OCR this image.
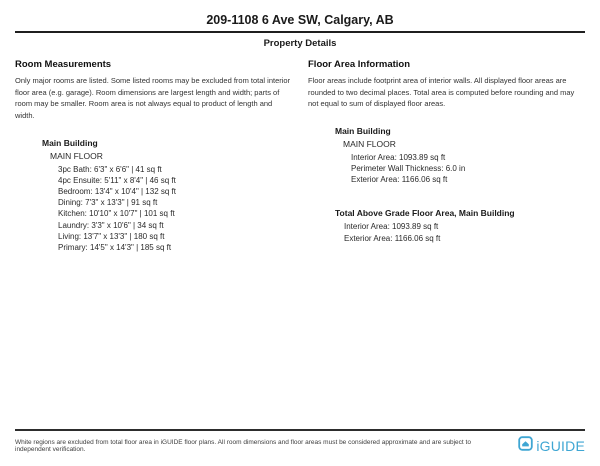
209-1108 6 Ave SW, Calgary, AB
Property Details
Room Measurements
Only major rooms are listed. Some listed rooms may be excluded from total interior floor area (e.g. garage). Room dimensions are largest length and width; parts of room may be smaller. Room area is not always equal to product of length and width.
Main Building
MAIN FLOOR
3pc Bath: 6'3" x 6'6" | 41 sq ft
4pc Ensuite: 5'11" x 8'4" | 46 sq ft
Bedroom: 13'4" x 10'4" | 132 sq ft
Dining: 7'3" x 13'3" | 91 sq ft
Kitchen: 10'10" x 10'7" | 101 sq ft
Laundry: 3'3" x 10'6" | 34 sq ft
Living: 13'7" x 13'3" | 180 sq ft
Primary: 14'5" x 14'3" | 185 sq ft
Floor Area Information
Floor areas include footprint area of interior walls. All displayed floor areas are rounded to two decimal places. Total area is computed before rounding and may not equal to sum of displayed floor areas.
Main Building
MAIN FLOOR
Interior Area: 1093.89 sq ft
Perimeter Wall Thickness: 6.0 in
Exterior Area: 1166.06 sq ft
Total Above Grade Floor Area, Main Building
Interior Area: 1093.89 sq ft
Exterior Area: 1166.06 sq ft
White regions are excluded from total floor area in iGUIDE floor plans. All room dimensions and floor areas must be considered approximate and are subject to independent verification.	iGUIDE
